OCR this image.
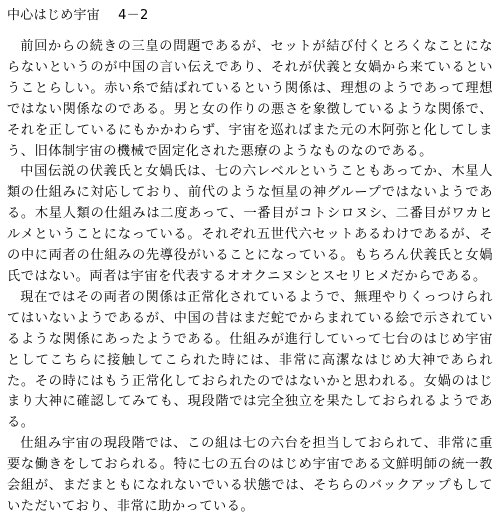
中心はじめ宇宙 4－2

前回からの続きの三皇の問題であるが、セットが結び付くとろくなことにならないというのが中国の言い伝えであり、それが伏義と女媧から来ているということらしい。赤い糸で結ばれているという関係は、理想のようであって理想ではない関係なのである。男と女の作りの悪さを象徴しているような関係で、それを正しているにもかかわらず、宇宙を巡ればまた元の木阿弥と化してしまう、旧体制宇宙の機械で固定化された悪療のようなものなのである。

中国伝説の伏義氏と女媧氏は、七の六レベルということもあってか、木星人類の仕組みに対応しており、前代のような恒星の神グループではないようである。木星人類の仕組みは二度あって、一番目がコトシロヌシ、二番目がワカヒルメということになっている。それぞれ五世代六セットあるわけであるが、その中に両者の仕組みの先導役がいることになっている。もちろん伏義氏と女媧氏ではない。両者は宇宙を代表するオオクニヌシとスセリヒメだからである。

現在ではその両者の関係は正常化されているようで、無理やりくっつけられてはいないようであるが、中国の昔はまだ蛇でからまれている絵で示されているような関係にあったようである。仕組みが進行していって七台のはじめ宇宙としてこちらに接触してこられた時には、非常に高潔なはじめ大神であられた。その時にはもう正常化しておられたのではないかと思われる。女媧のはじまり大神に確認してみても、現段階では完全独立を果たしておられるようである。

仕組み宇宙の現段階では、この組は七の六台を担当しておられて、非常に重要な働きをしておられる。特に七の五台のはじめ宇宙である文鮮明師の統一教会組が、まだまともになれないでいる状態では、そちらのバックアップもしていただいており、非常に助かっている。
